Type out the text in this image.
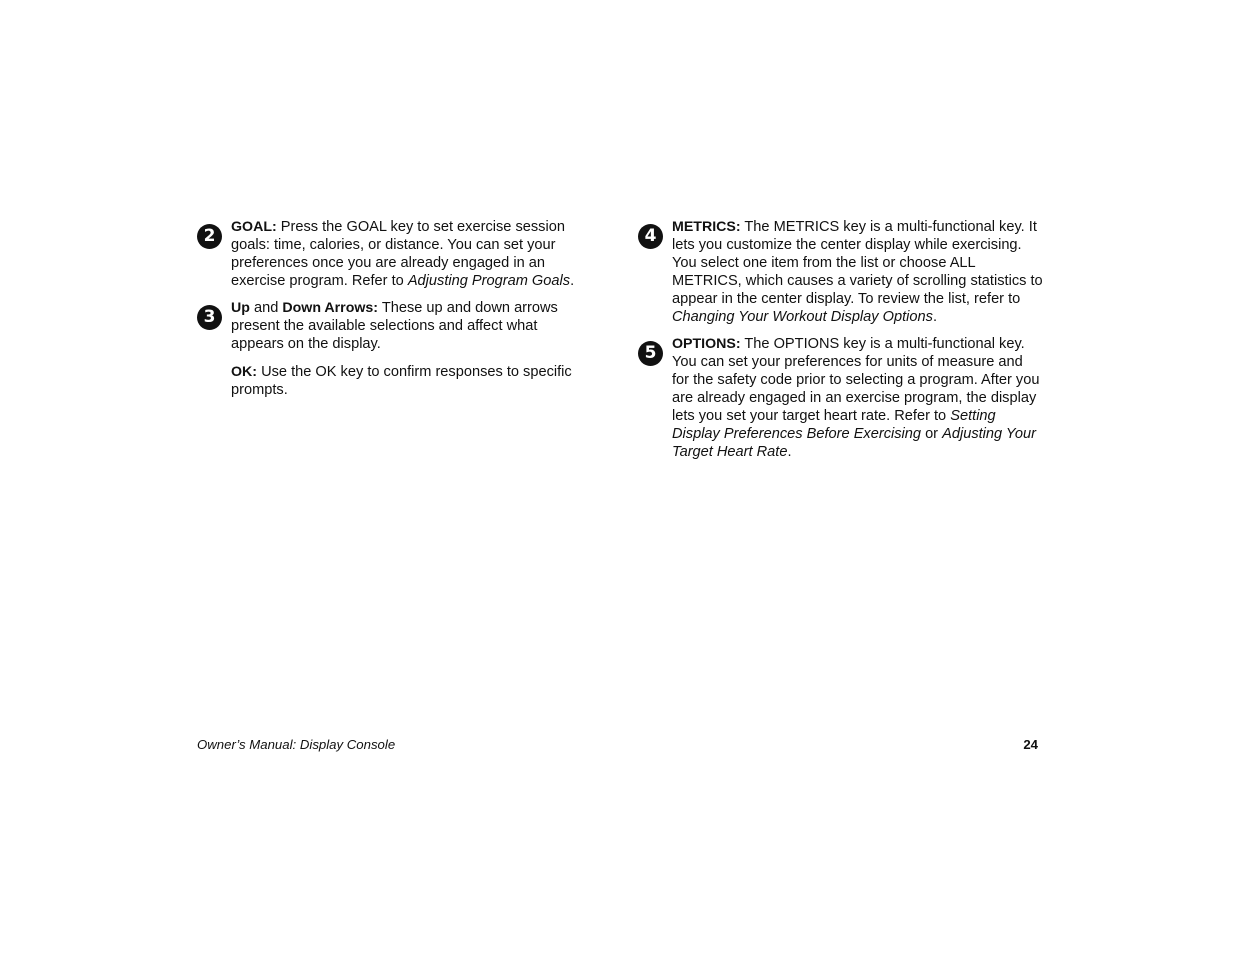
2	GOAL: Press the GOAL key to set exercise session goals: time, calories, or distance. You can set your preferences once you are already engaged in an exercise program. Refer to Adjusting Program Goals.
3	Up and Down Arrows: These up and down arrows present the available selections and affect what appears on the display.
OK: Use the OK key to confirm responses to specific prompts.
4	METRICS: The METRICS key is a multi-functional key. It lets you customize the center display while exercising. You select one item from the list or choose ALL METRICS, which causes a variety of scrolling statistics to appear in the center display. To review the list, refer to Changing Your Workout Display Options.
5	OPTIONS: The OPTIONS key is a multi-functional key. You can set your preferences for units of measure and for the safety code prior to selecting a program. After you are already engaged in an exercise program, the display lets you set your target heart rate. Refer to Setting Display Preferences Before Exercising or Adjusting Your Target Heart Rate.
Owner’s Manual: Display Console	24
